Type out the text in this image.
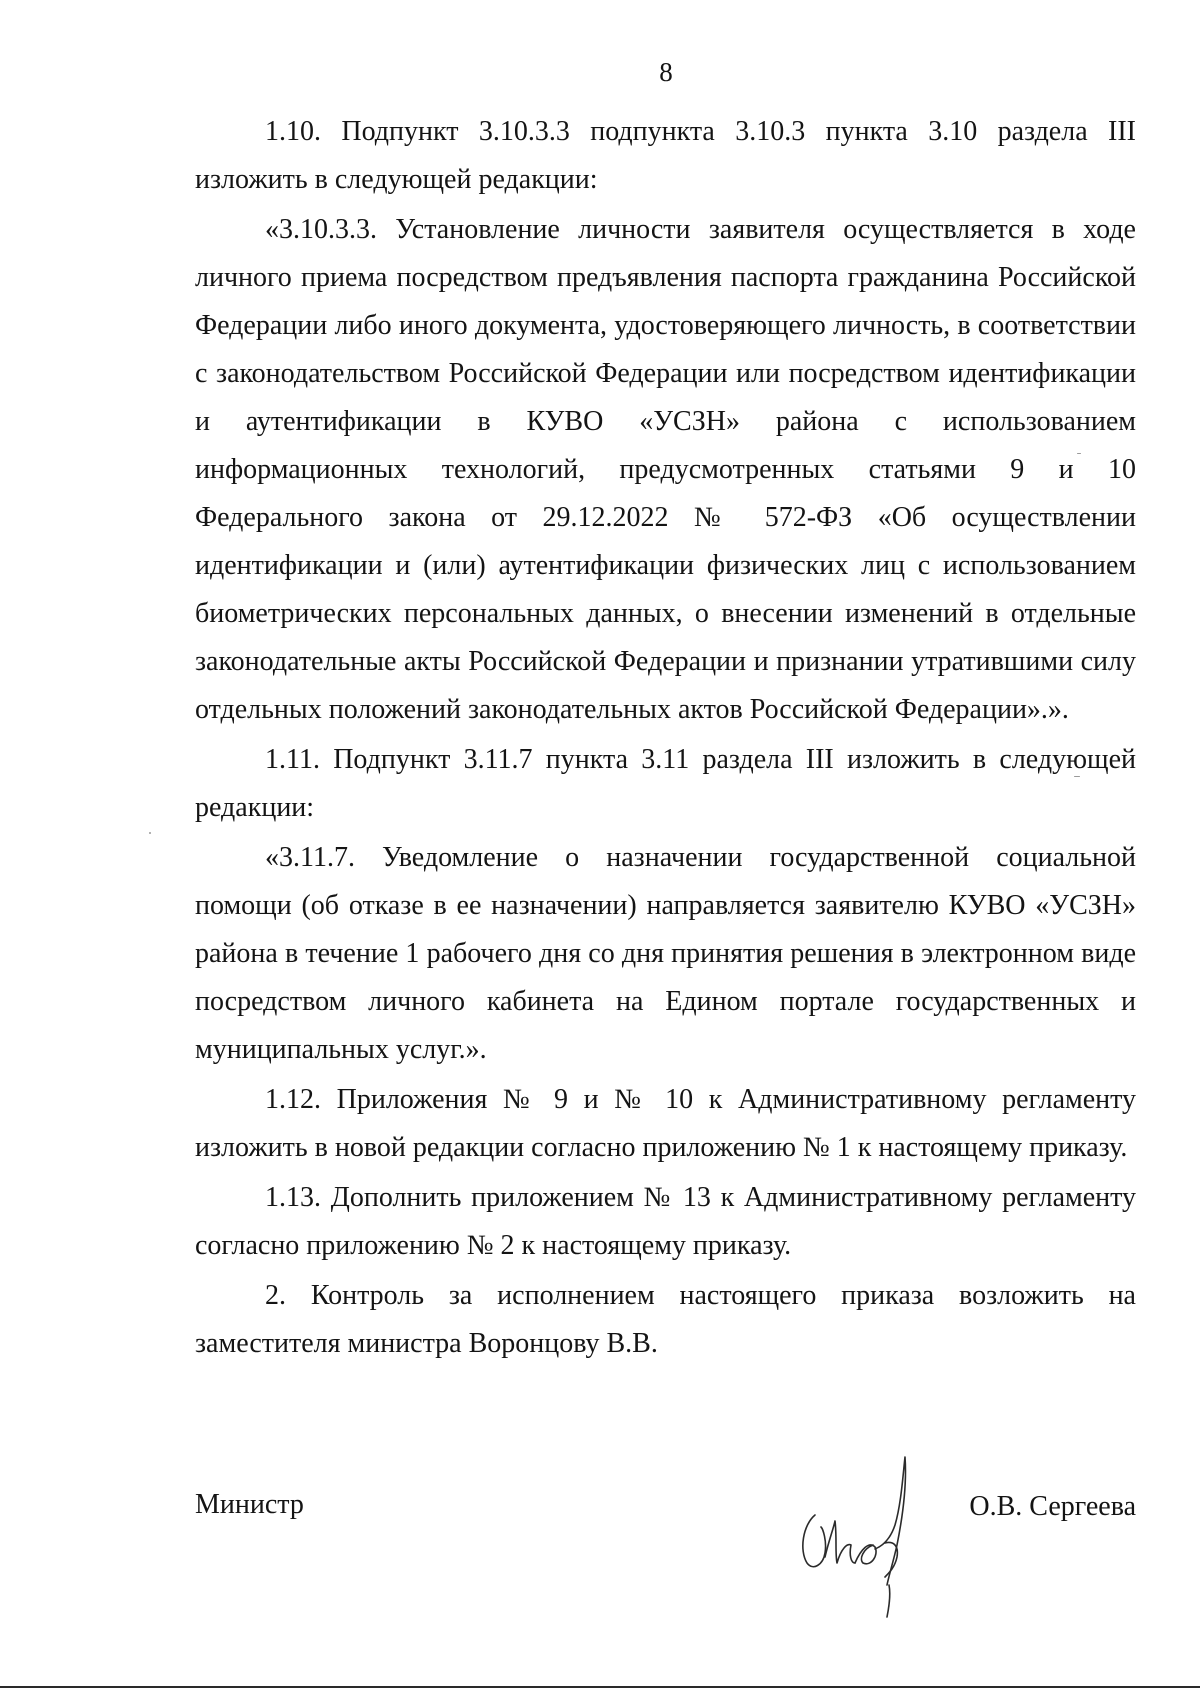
8

1.10. Подпункт 3.10.3.3 подпункта 3.10.3 пункта 3.10 раздела III изложить в следующей редакции:

«3.10.3.3. Установление личности заявителя осуществляется в ходе личного приема посредством предъявления паспорта гражданина Российской Федерации либо иного документа, удостоверяющего личность, в соответствии с законодательством Российской Федерации или посредством идентификации и аутентификации в КУВО «УСЗН» района с использованием информационных технологий, предусмотренных статьями 9 и 10 Федерального закона от 29.12.2022 № 572-ФЗ «Об осуществлении идентификации и (или) аутентификации физических лиц с использованием биометрических персональных данных, о внесении изменений в отдельные законодательные акты Российской Федерации и признании утратившими силу отдельных положений законодательных актов Российской Федерации».».

1.11. Подпункт 3.11.7 пункта 3.11 раздела III изложить в следующей редакции:

«3.11.7. Уведомление о назначении государственной социальной помощи (об отказе в ее назначении) направляется заявителю КУВО «УСЗН» района в течение 1 рабочего дня со дня принятия решения в электронном виде посредством личного кабинета на Едином портале государственных и муниципальных услуг.».

1.12. Приложения № 9 и № 10 к Административному регламенту изложить в новой редакции согласно приложению № 1 к настоящему приказу.

1.13. Дополнить приложением № 13 к Административному регламенту согласно приложению № 2 к настоящему приказу.

2. Контроль за исполнением настоящего приказа возложить на заместителя министра Воронцову В.В.

Министр	О.В. Сергеева
